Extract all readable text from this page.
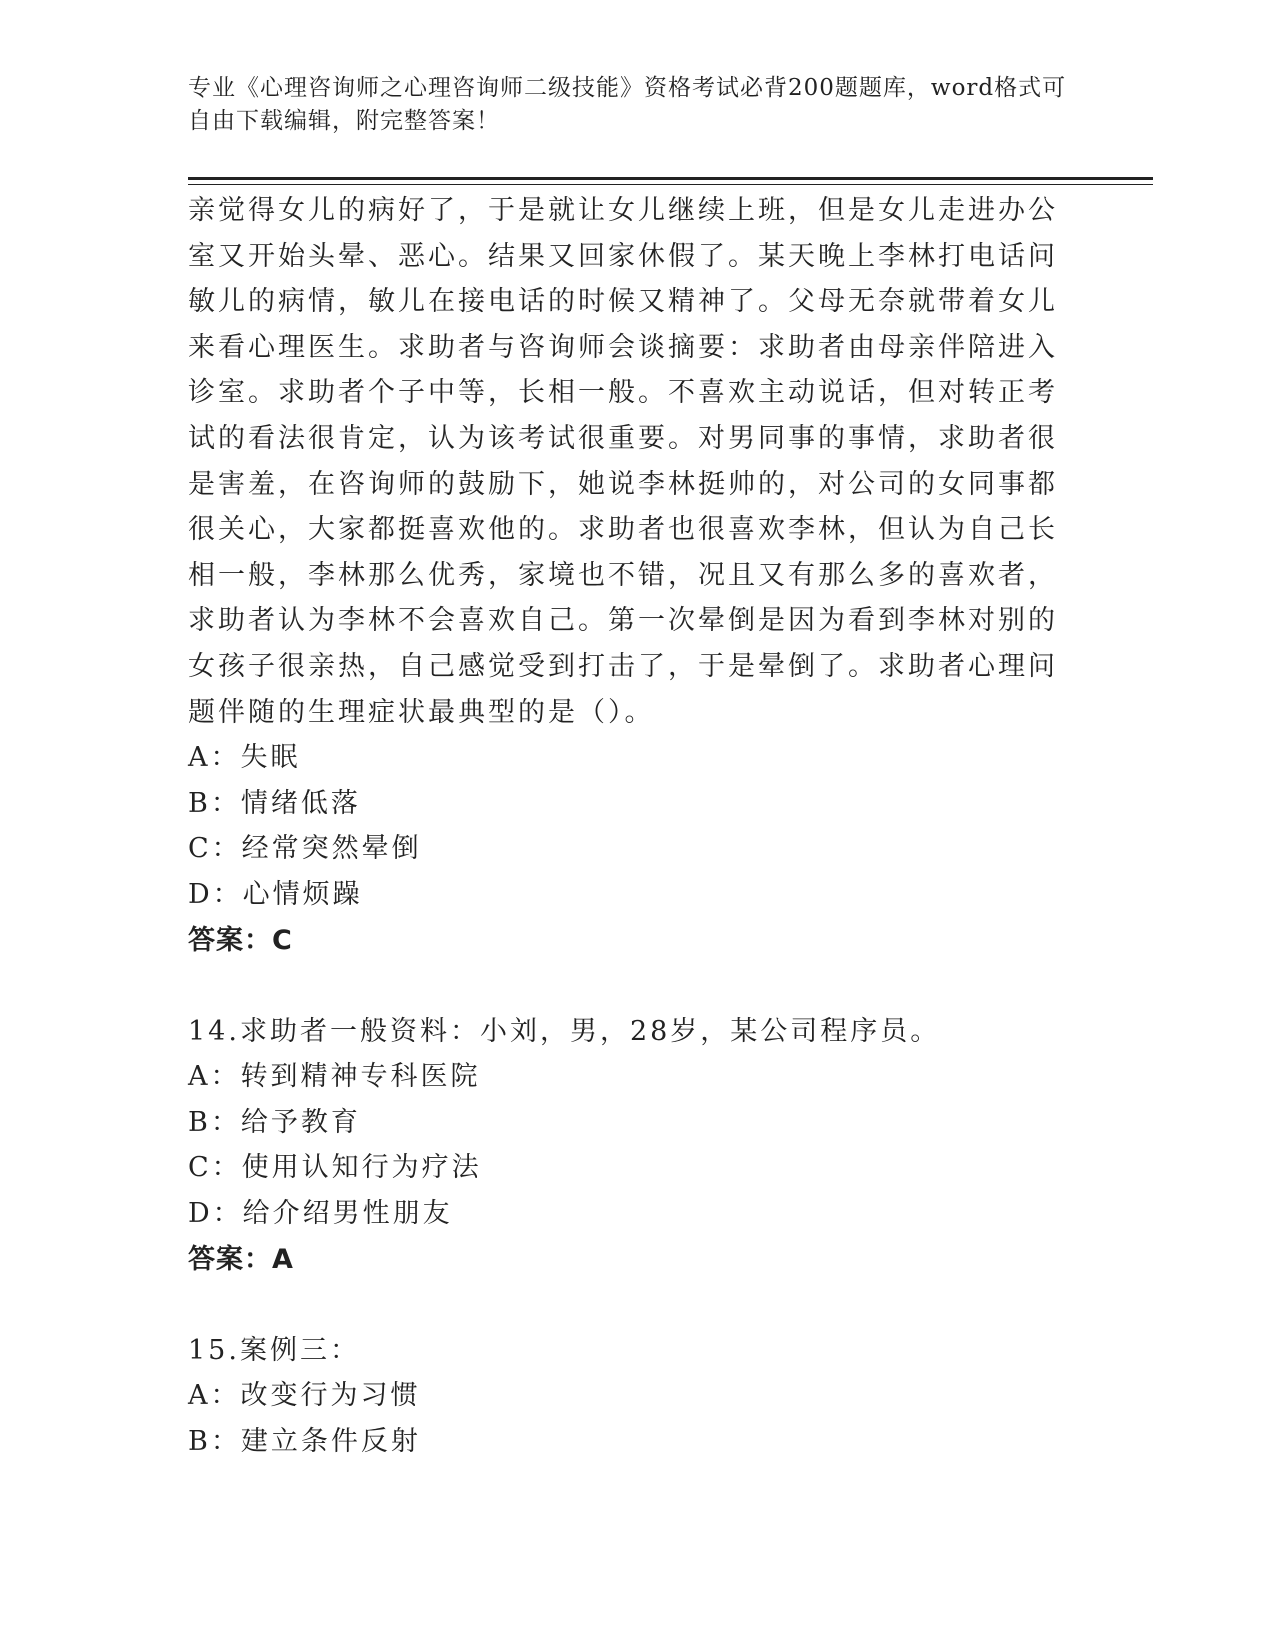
专业《心理咨询师之心理咨询师二级技能》资格考试必背200题题库，word格式可自由下载编辑，附完整答案！

亲觉得女儿的病好了，于是就让女儿继续上班，但是女儿走进办公室又开始头晕、恶心。结果又回家休假了。某天晚上李林打电话问敏儿的病情，敏儿在接电话的时候又精神了。父母无奈就带着女儿来看心理医生。求助者与咨询师会谈摘要：求助者由母亲伴陪进入诊室。求助者个子中等，长相一般。不喜欢主动说话，但对转正考试的看法很肯定，认为该考试很重要。对男同事的事情，求助者很是害羞，在咨询师的鼓励下，她说李林挺帅的，对公司的女同事都很关心，大家都挺喜欢他的。求助者也很喜欢李林，但认为自己长相一般，李林那么优秀，家境也不错，况且又有那么多的喜欢者，求助者认为李林不会喜欢自己。第一次晕倒是因为看到李林对别的女孩子很亲热，自己感觉受到打击了，于是晕倒了。求助者心理问题伴随的生理症状最典型的是（）。

A：失眠
B：情绪低落
C：经常突然晕倒
D：心情烦躁
答案：C
14.求助者一般资料：小刘，男，28岁，某公司程序员。
A：转到精神专科医院
B：给予教育
C：使用认知行为疗法
D：给介绍男性朋友
答案：A
15.案例三：
A：改变行为习惯
B：建立条件反射
